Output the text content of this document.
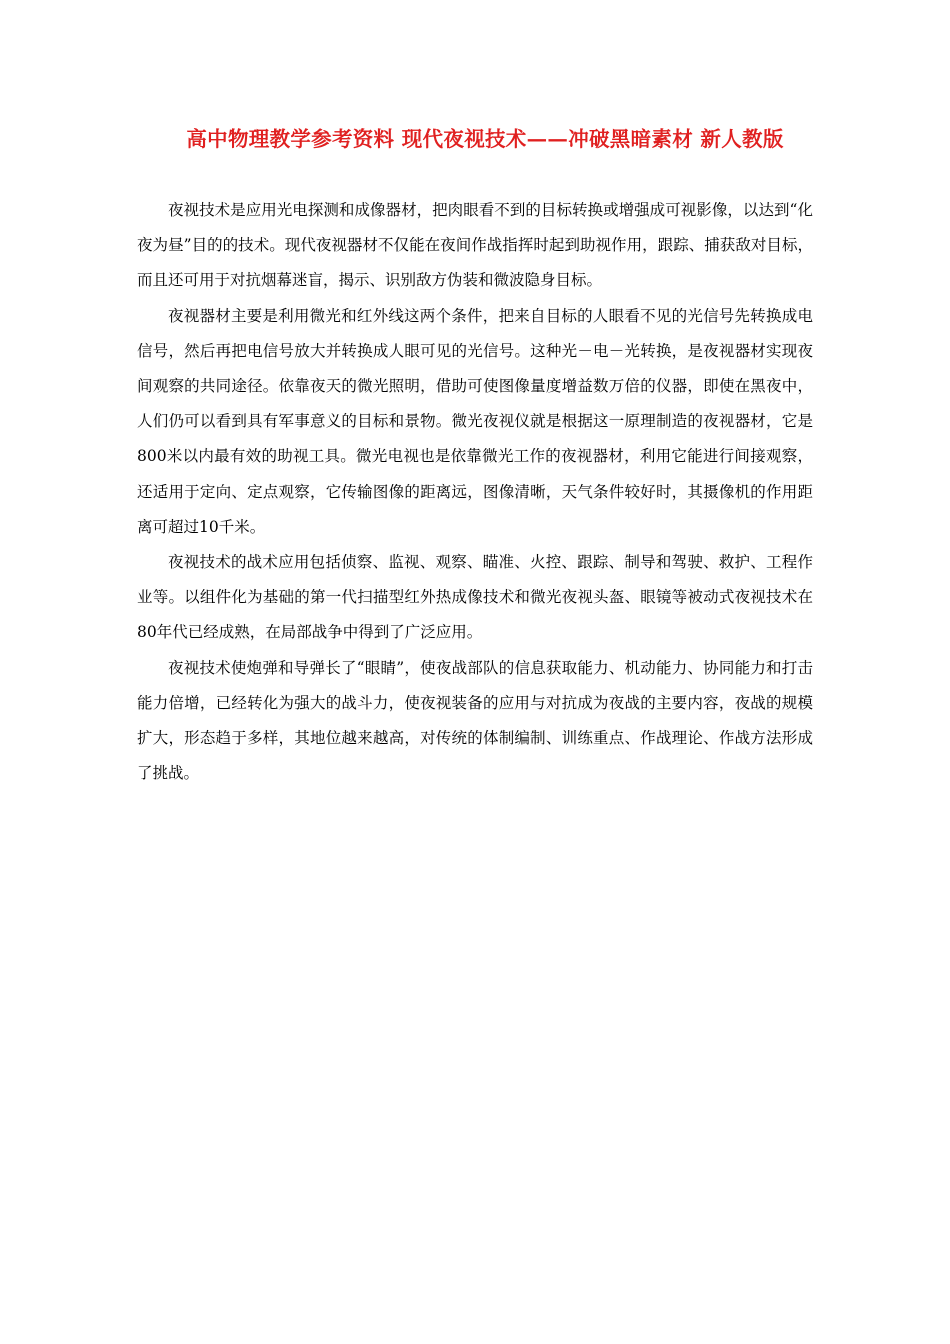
高中物理教学参考资料 现代夜视技术——冲破黑暗素材 新人教版

夜视技术是应用光电探测和成像器材，把肉眼看不到的目标转换或增强成可视影像，以达到“化夜为昼”目的的技术。现代夜视器材不仅能在夜间作战指挥时起到助视作用，跟踪、捕获敌对目标，而且还可用于对抗烟幕迷盲，揭示、识别敌方伪装和微波隐身目标。

夜视器材主要是利用微光和红外线这两个条件，把来自目标的人眼看不见的光信号先转换成电信号，然后再把电信号放大并转换成人眼可见的光信号。这种光－电－光转换，是夜视器材实现夜间观察的共同途径。依靠夜天的微光照明，借助可使图像量度增益数万倍的仪器，即使在黑夜中，人们仍可以看到具有军事意义的目标和景物。微光夜视仪就是根据这一原理制造的夜视器材，它是800米以内最有效的助视工具。微光电视也是依靠微光工作的夜视器材，利用它能进行间接观察，还适用于定向、定点观察，它传输图像的距离远，图像清晰，天气条件较好时，其摄像机的作用距离可超过10千米。

夜视技术的战术应用包括侦察、监视、观察、瞄准、火控、跟踪、制导和驾驶、救护、工程作业等。以组件化为基础的第一代扫描型红外热成像技术和微光夜视头盔、眼镜等被动式夜视技术在80年代已经成熟，在局部战争中得到了广泛应用。

夜视技术使炮弹和导弹长了“眼睛”，使夜战部队的信息获取能力、机动能力、协同能力和打击能力倍增，已经转化为强大的战斗力，使夜视装备的应用与对抗成为夜战的主要内容，夜战的规模扩大，形态趋于多样，其地位越来越高，对传统的体制编制、训练重点、作战理论、作战方法形成了挑战。
